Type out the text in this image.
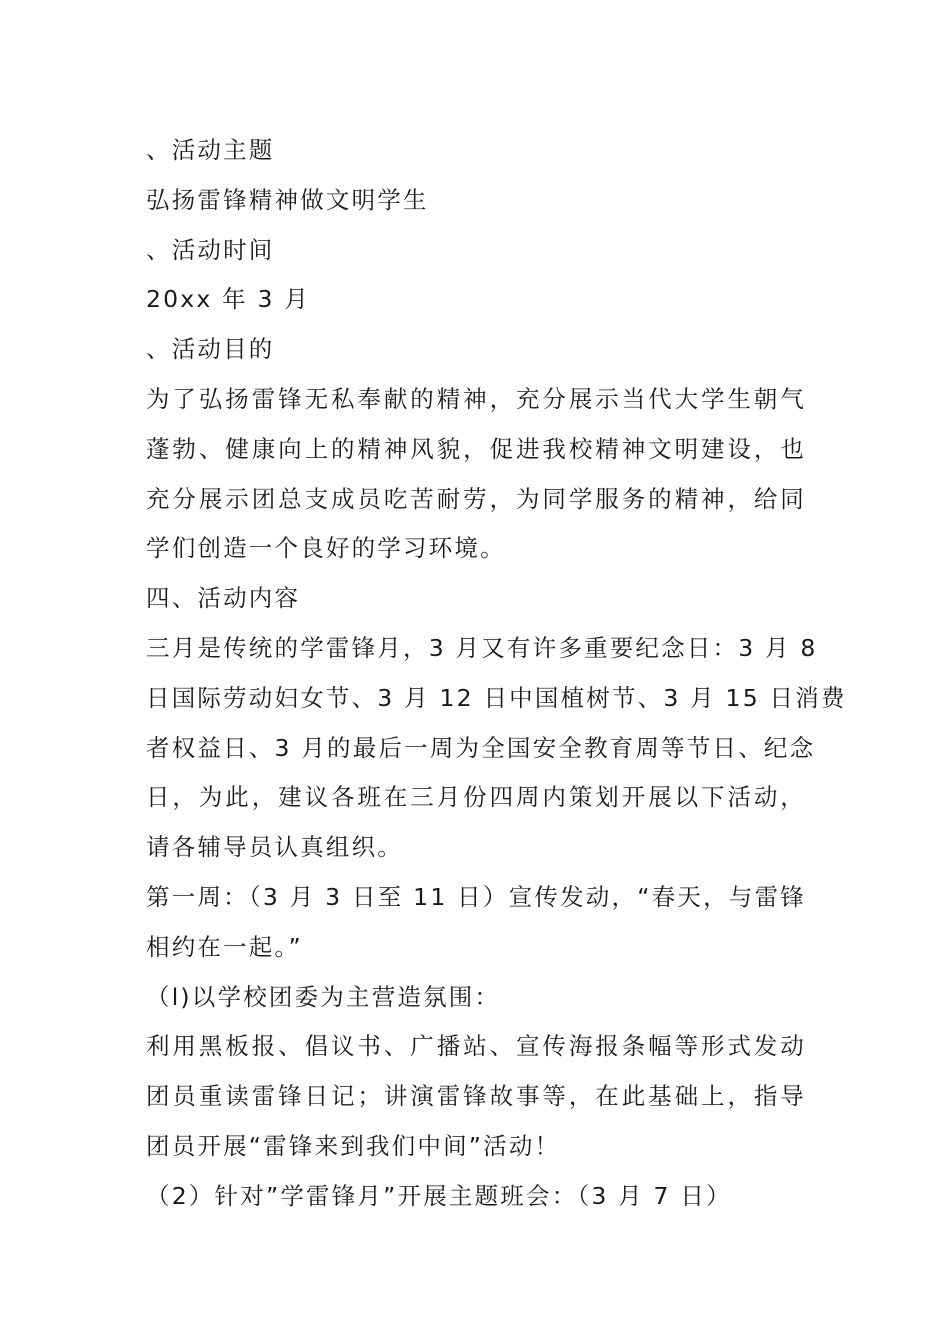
、活动主题
弘扬雷锋精神做文明学生
、活动时间
20xx 年 3 月
、活动目的
为了弘扬雷锋无私奉献的精神，充分展示当代大学生朝气
蓬勃、健康向上的精神风貌，促进我校精神文明建设，也
充分展示团总支成员吃苦耐劳，为同学服务的精神，给同
学们创造一个良好的学习环境。
四、活动内容
三月是传统的学雷锋月，3 月又有许多重要纪念日：3 月 8
日国际劳动妇女节、3 月 12 日中国植树节、3 月 15 日消费
者权益日、3 月的最后一周为全国安全教育周等节日、纪念
日，为此，建议各班在三月份四周内策划开展以下活动，
请各辅导员认真组织。
第一周：（3 月 3 日至 11 日）宣传发动，“春天，与雷锋
相约在一起。”
（l)以学校团委为主营造氛围：
利用黑板报、倡议书、广播站、宣传海报条幅等形式发动
团员重读雷锋日记；讲演雷锋故事等，在此基础上，指导
团员开展“雷锋来到我们中间”活动！
（2）针对”学雷锋月”开展主题班会：（3 月 7 日）
